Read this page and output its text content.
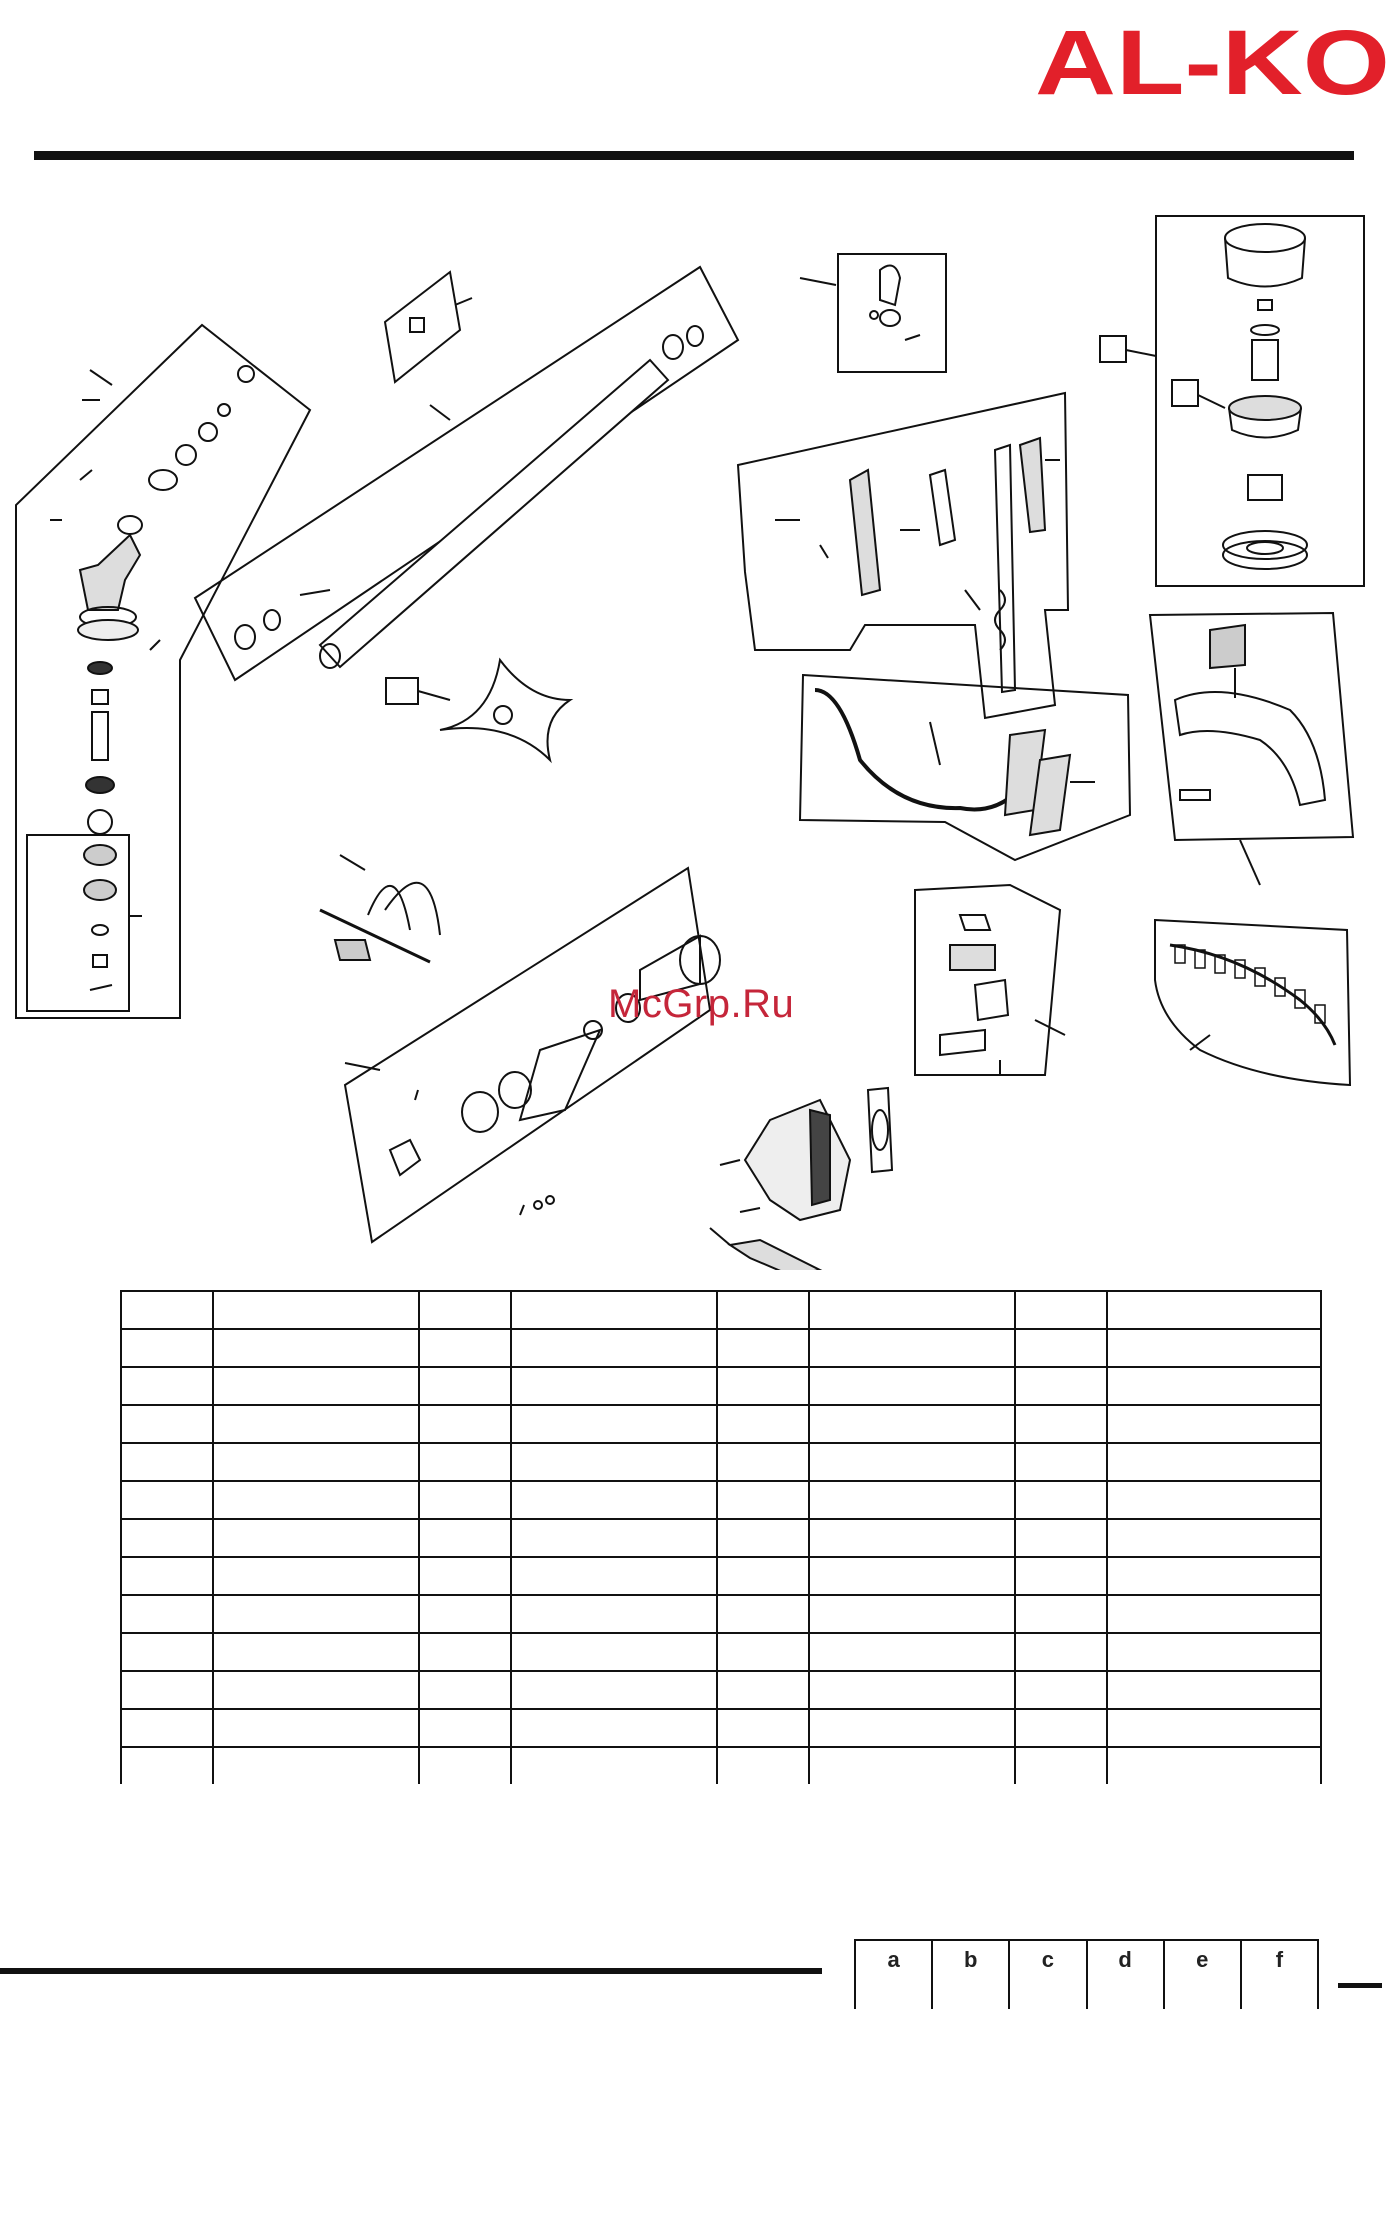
AL-KO
McGrp.Ru

a	b	c	d	e	f
